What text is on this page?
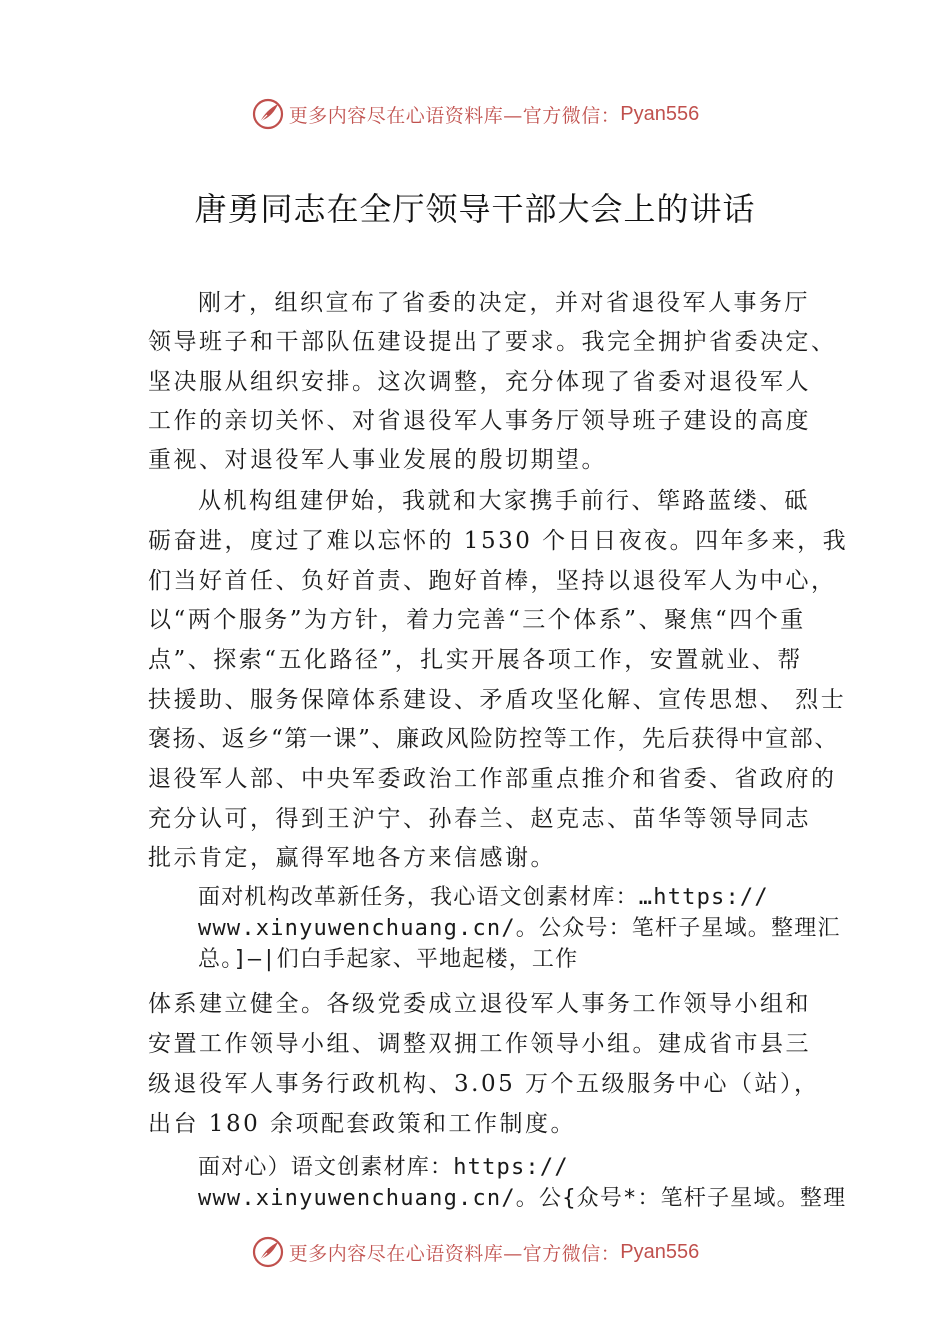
更多内容尽在心语资料库—官方微信： Pyan556
唐勇同志在全厅领导干部大会上的讲话
刚才，组织宣布了省委的决定，并对省退役军人事务厅
领导班子和干部队伍建设提出了要求。我完全拥护省委决定、
坚决服从组织安排。这次调整，充分体现了省委对退役军人
工作的亲切关怀、对省退役军人事务厅领导班子建设的高度
重视、对退役军人事业发展的殷切期望。
从机构组建伊始，我就和大家携手前行、筚路蓝缕、砥
砺奋进，度过了难以忘怀的 1530 个日日夜夜。四年多来，我
们当好首任、负好首责、跑好首棒，坚持以退役军人为中心，
以“两个服务”为方针，着力完善“三个体系”、聚焦“四个重
点”、探索“五化路径”，扎实开展各项工作，安置就业、帮
扶援助、服务保障体系建设、矛盾攻坚化解、宣传思想、 烈士
褒扬、返乡“第一课”、廉政风险防控等工作，先后获得中宣部、
退役军人部、中央军委政治工作部重点推介和省委、省政府的
充分认可，得到王沪宁、孙春兰、赵克志、苗华等领导同志
批示肯定，赢得军地各方来信感谢。
面对机构改革新任务，我心语文创素材库：…https://
www.xinyuwenchuang.cn/。公众号：笔杆子星域。整理汇
总。]—|们白手起家、平地起楼，工作
体系建立健全。各级党委成立退役军人事务工作领导小组和
安置工作领导小组、调整双拥工作领导小组。建成省市县三
级退役军人事务行政机构、3.05 万个五级服务中心（站），
出台 180 余项配套政策和工作制度。
面对心）语文创素材库：https://
www.xinyuwenchuang.cn/。公{众号*：笔杆子星域。整理
更多内容尽在心语资料库—官方微信： Pyan556
